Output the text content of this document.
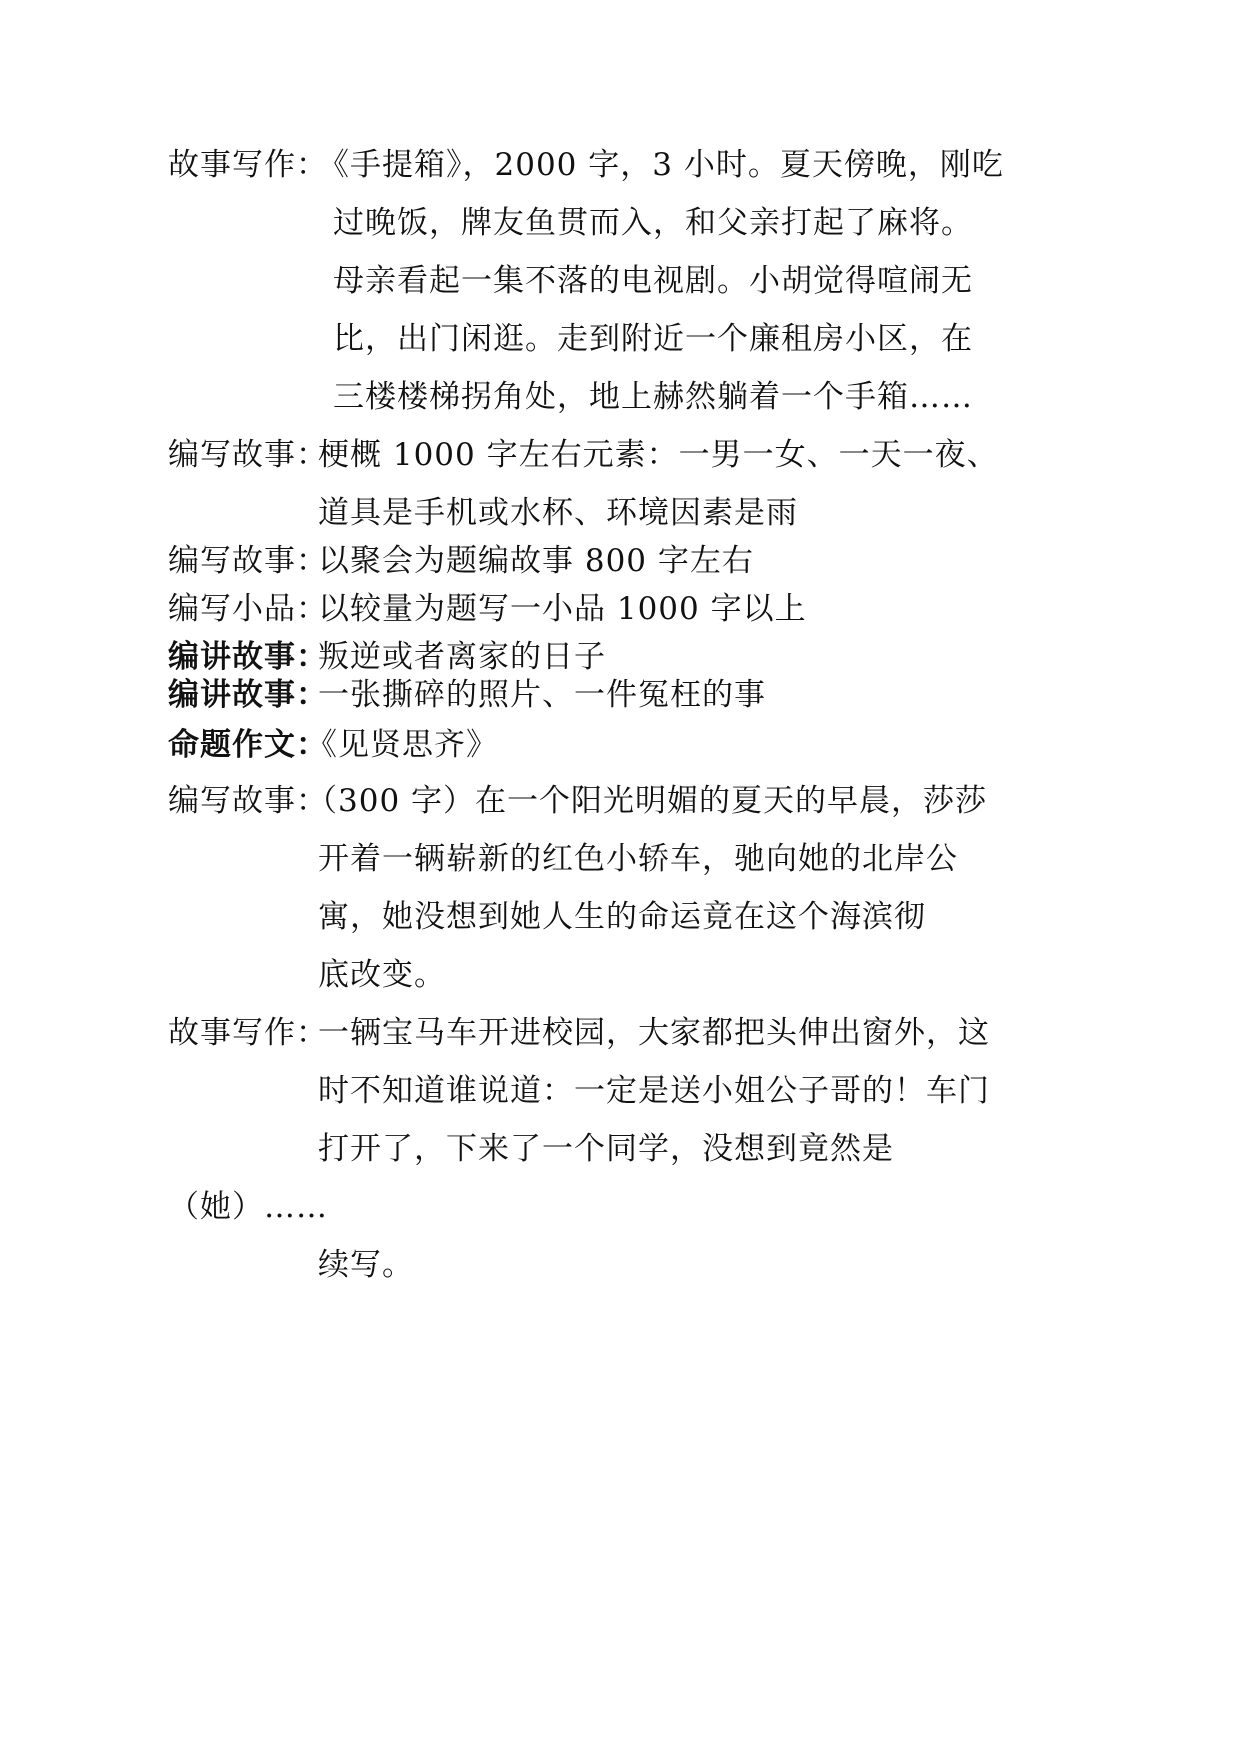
故事写作：
《手提箱》，2000 字，3 小时。夏天傍晚，刚吃
过晚饭，牌友鱼贯而入，和父亲打起了麻将。
母亲看起一集不落的电视剧。小胡觉得喧闹无
比，出门闲逛。走到附近一个廉租房小区，在
三楼楼梯拐角处，地上赫然躺着一个手箱……
编写故事：
梗概 1000 字左右元素：一男一女、一天一夜、
道具是手机或水杯、环境因素是雨
编写故事：
以聚会为题编故事 800 字左右
编写小品：
以较量为题写一小品 1000 字以上
编讲故事：
叛逆或者离家的日子
编讲故事：
一张撕碎的照片、一件冤枉的事
命题作文：
《见贤思齐》
编写故事：
（300 字）在一个阳光明媚的夏天的早晨，莎莎
开着一辆崭新的红色小轿车，驰向她的北岸公
寓，她没想到她人生的命运竟在这个海滨彻
底改变。
故事写作：
一辆宝马车开进校园，大家都把头伸出窗外，这
时不知道谁说道：一定是送小姐公子哥的！车门
打开了，下来了一个同学，没想到竟然是
（她）……
续写。
